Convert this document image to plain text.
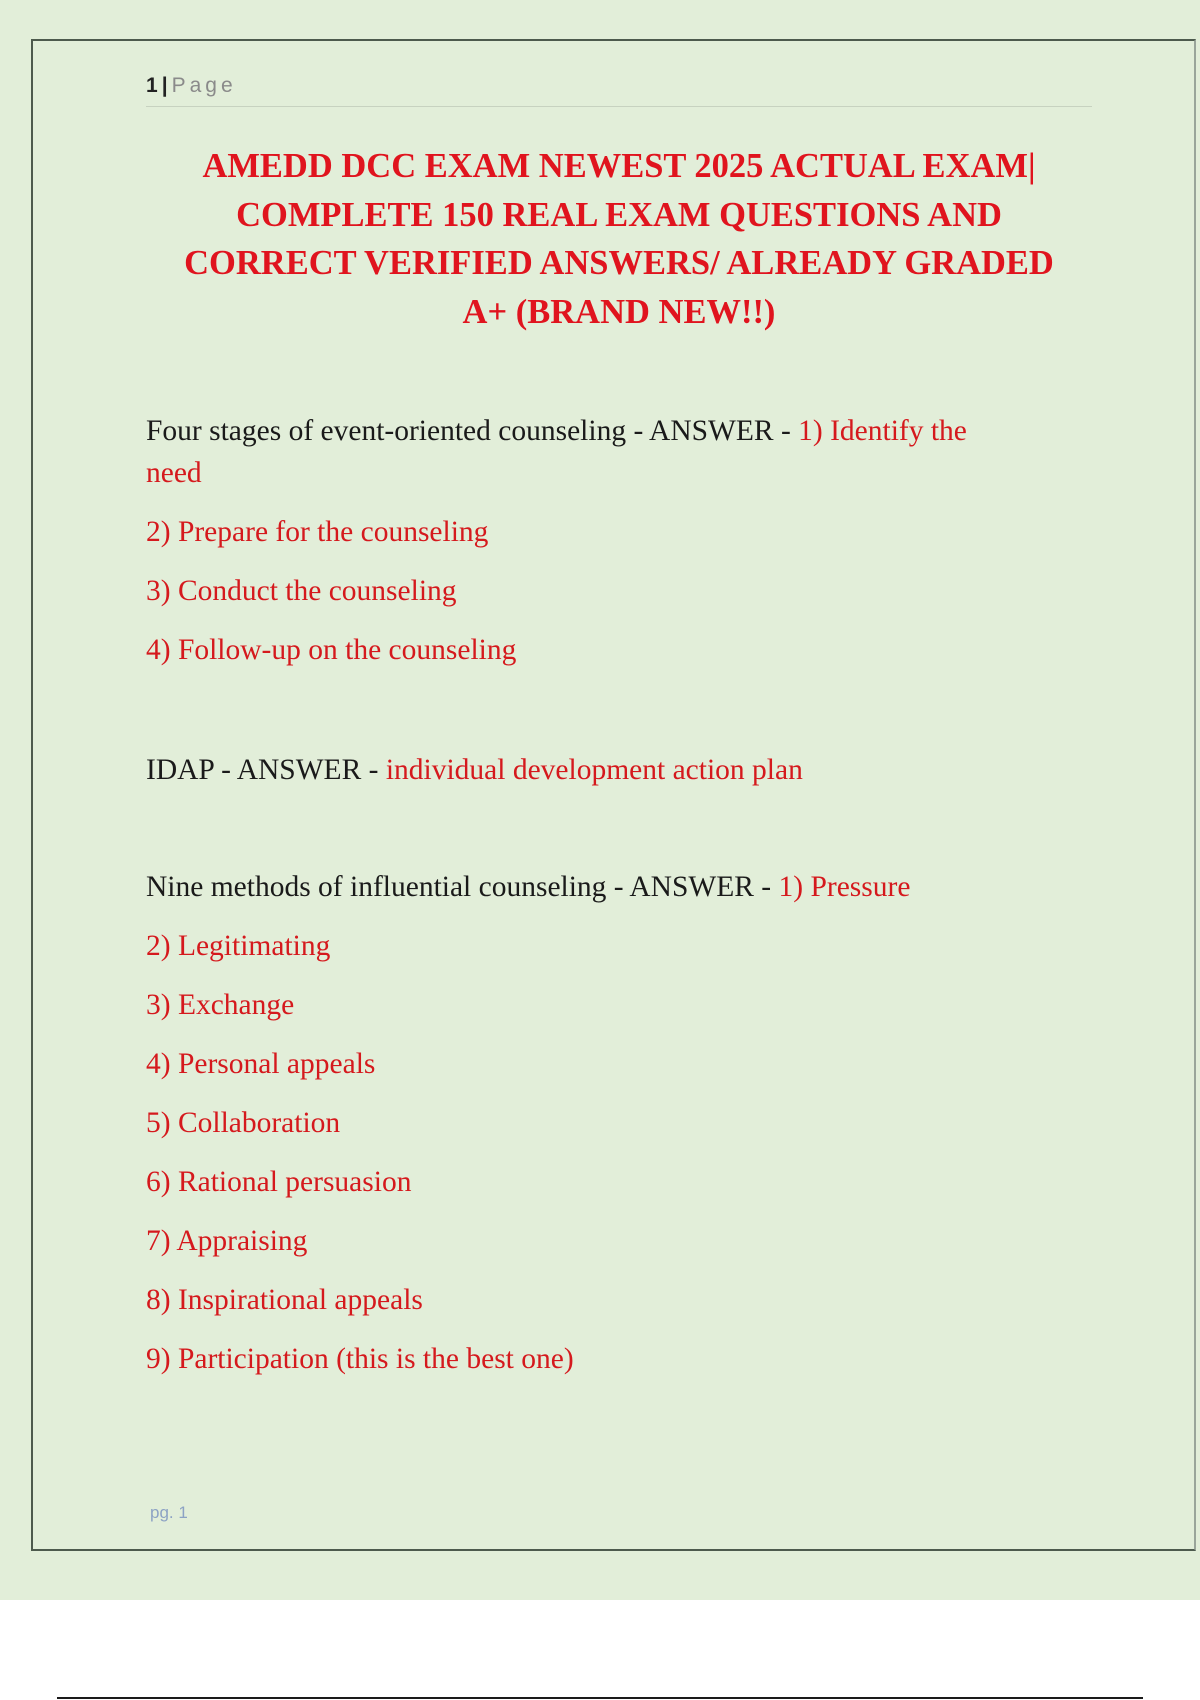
1 | Page
AMEDD DCC EXAM NEWEST 2025 ACTUAL EXAM|
COMPLETE 150 REAL EXAM QUESTIONS AND
CORRECT VERIFIED ANSWERS/ ALREADY GRADED
A+ (BRAND NEW!!)
Four stages of event-oriented counseling - ANSWER - 1) Identify the
need
2) Prepare for the counseling
3) Conduct the counseling
4) Follow-up on the counseling
IDAP - ANSWER - individual development action plan
Nine methods of influential counseling - ANSWER - 1) Pressure
2) Legitimating
3) Exchange
4) Personal appeals
5) Collaboration
6) Rational persuasion
7) Appraising
8) Inspirational appeals
9) Participation (this is the best one)
pg. 1
